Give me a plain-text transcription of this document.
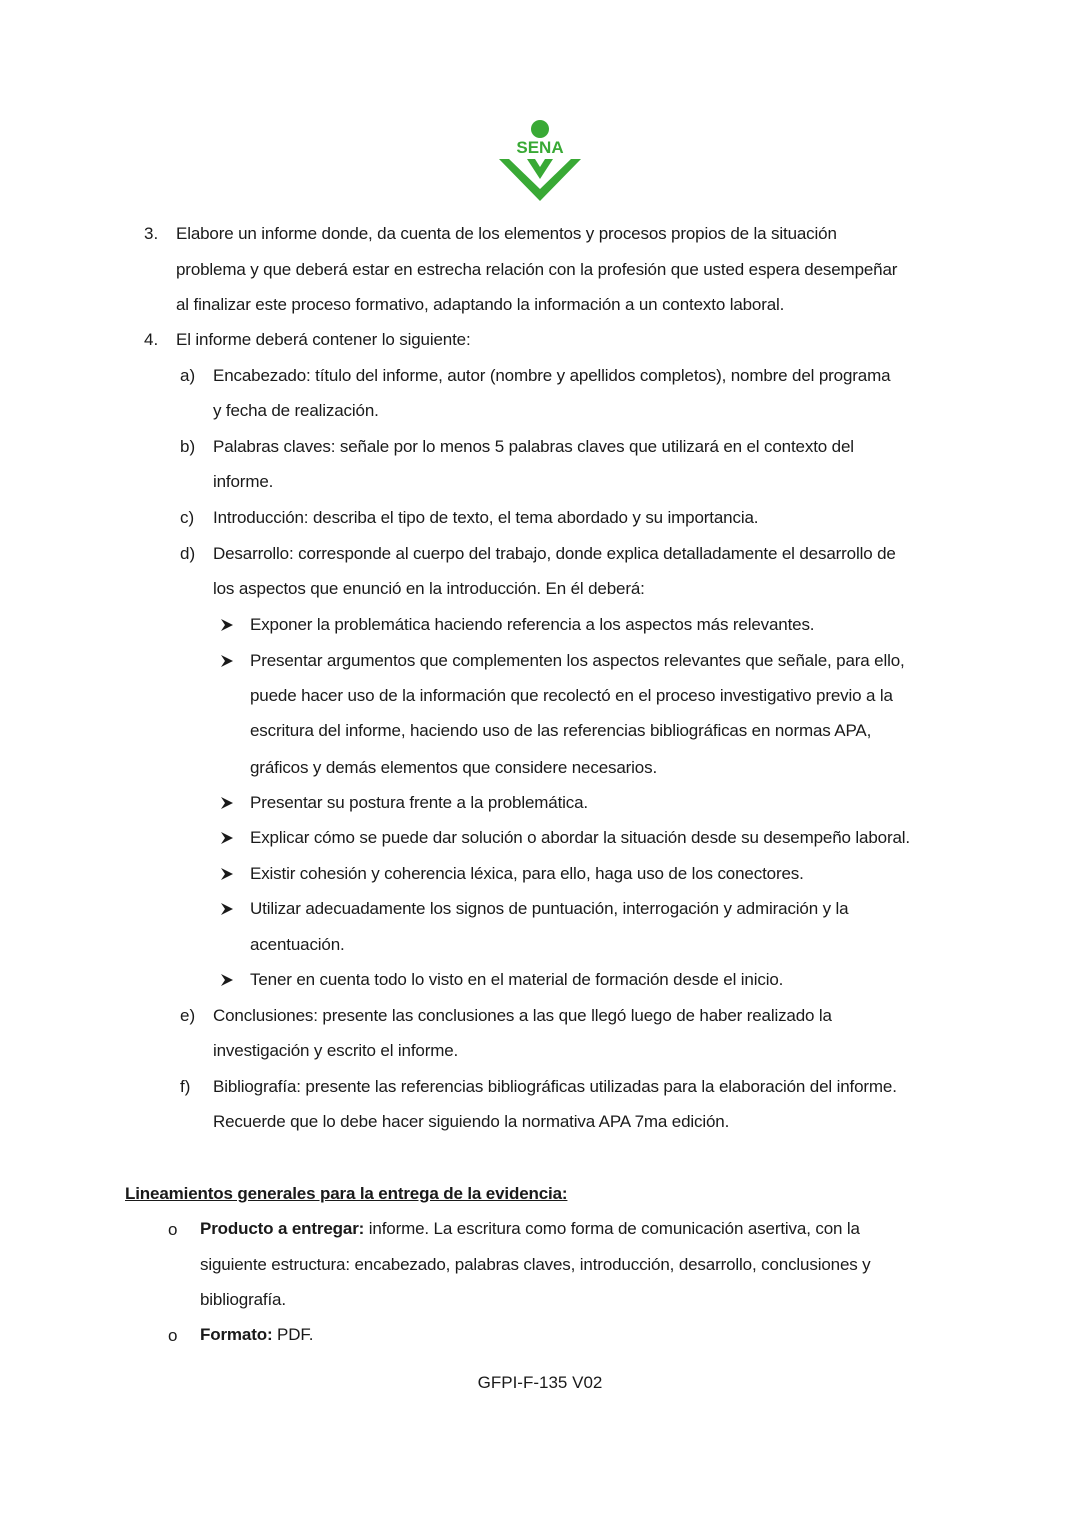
SENA
3. Elabore un informe donde, da cuenta de los elementos y procesos propios de la situación
problema y que deberá estar en estrecha relación con la profesión que usted espera desempeñar
al finalizar este proceso formativo, adaptando la información a un contexto laboral.
4. El informe deberá contener lo siguiente:
a) Encabezado: título del informe, autor (nombre y apellidos completos), nombre del programa
y fecha de realización.
b) Palabras claves: señale por lo menos 5 palabras claves que utilizará en el contexto del
informe.
c) Introducción: describa el tipo de texto, el tema abordado y su importancia.
d) Desarrollo: corresponde al cuerpo del trabajo, donde explica detalladamente el desarrollo de
los aspectos que enunció en la introducción. En él deberá:
Exponer la problemática haciendo referencia a los aspectos más relevantes.
Presentar argumentos que complementen los aspectos relevantes que señale, para ello,
puede hacer uso de la información que recolectó en el proceso investigativo previo a la
escritura del informe, haciendo uso de las referencias bibliográficas en normas APA,
gráficos y demás elementos que considere necesarios.
Presentar su postura frente a la problemática.
Explicar cómo se puede dar solución o abordar la situación desde su desempeño laboral.
Existir cohesión y coherencia léxica, para ello, haga uso de los conectores.
Utilizar adecuadamente los signos de puntuación, interrogación y admiración y la
acentuación.
Tener en cuenta todo lo visto en el material de formación desde el inicio.
e) Conclusiones: presente las conclusiones a las que llegó luego de haber realizado la
investigación y escrito el informe.
f) Bibliografía: presente las referencias bibliográficas utilizadas para la elaboración del informe.
Recuerde que lo debe hacer siguiendo la normativa APA 7ma edición.
Lineamientos generales para la entrega de la evidencia:
o Producto a entregar: informe. La escritura como forma de comunicación asertiva, con la
siguiente estructura: encabezado, palabras claves, introducción, desarrollo, conclusiones y
bibliografía.
o Formato: PDF.
GFPI-F-135 V02
